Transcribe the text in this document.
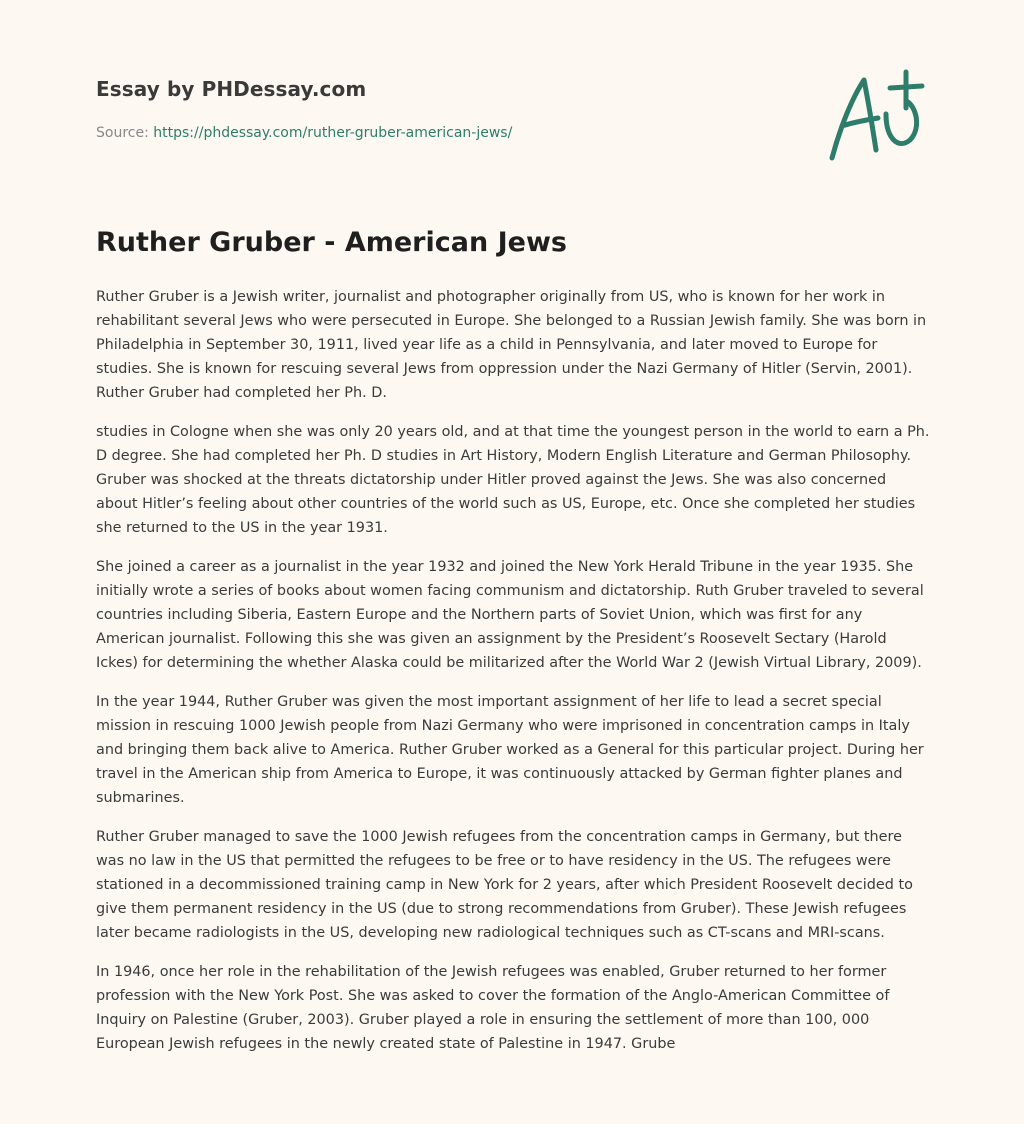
Essay by PHDessay.com
Source: https://phdessay.com/ruther-gruber-american-jews/
Ruther Gruber - American Jews

Ruther Gruber is a Jewish writer, journalist and photographer originally from US, who is known for her work in rehabilitant several Jews who were persecuted in Europe. She belonged to a Russian Jewish family. She was born in Philadelphia in September 30, 1911, lived year life as a child in Pennsylvania, and later moved to Europe for studies. She is known for rescuing several Jews from oppression under the Nazi Germany of Hitler (Servin, 2001). Ruther Gruber had completed her Ph. D.

studies in Cologne when she was only 20 years old, and at that time the youngest person in the world to earn a Ph. D degree. She had completed her Ph. D studies in Art History, Modern English Literature and German Philosophy. Gruber was shocked at the threats dictatorship under Hitler proved against the Jews. She was also concerned about Hitler’s feeling about other countries of the world such as US, Europe, etc. Once she completed her studies she returned to the US in the year 1931.

She joined a career as a journalist in the year 1932 and joined the New York Herald Tribune in the year 1935. She initially wrote a series of books about women facing communism and dictatorship. Ruth Gruber traveled to several countries including Siberia, Eastern Europe and the Northern parts of Soviet Union, which was first for any American journalist. Following this she was given an assignment by the President’s Roosevelt Sectary (Harold Ickes) for determining the whether Alaska could be militarized after the World War 2 (Jewish Virtual Library, 2009).

In the year 1944, Ruther Gruber was given the most important assignment of her life to lead a secret special mission in rescuing 1000 Jewish people from Nazi Germany who were imprisoned in concentration camps in Italy and bringing them back alive to America. Ruther Gruber worked as a General for this particular project. During her travel in the American ship from America to Europe, it was continuously attacked by German fighter planes and submarines.

Ruther Gruber managed to save the 1000 Jewish refugees from the concentration camps in Germany, but there was no law in the US that permitted the refugees to be free or to have residency in the US. The refugees were stationed in a decommissioned training camp in New York for 2 years, after which President Roosevelt decided to give them permanent residency in the US (due to strong recommendations from Gruber). These Jewish refugees later became radiologists in the US, developing new radiological techniques such as CT-scans and MRI-scans.

In 1946, once her role in the rehabilitation of the Jewish refugees was enabled, Gruber returned to her former profession with the New York Post. She was asked to cover the formation of the Anglo-American Committee of Inquiry on Palestine (Gruber, 2003). Gruber played a role in ensuring the settlement of more than 100, 000 European Jewish refugees in the newly created state of Palestine in 1947. Grube
